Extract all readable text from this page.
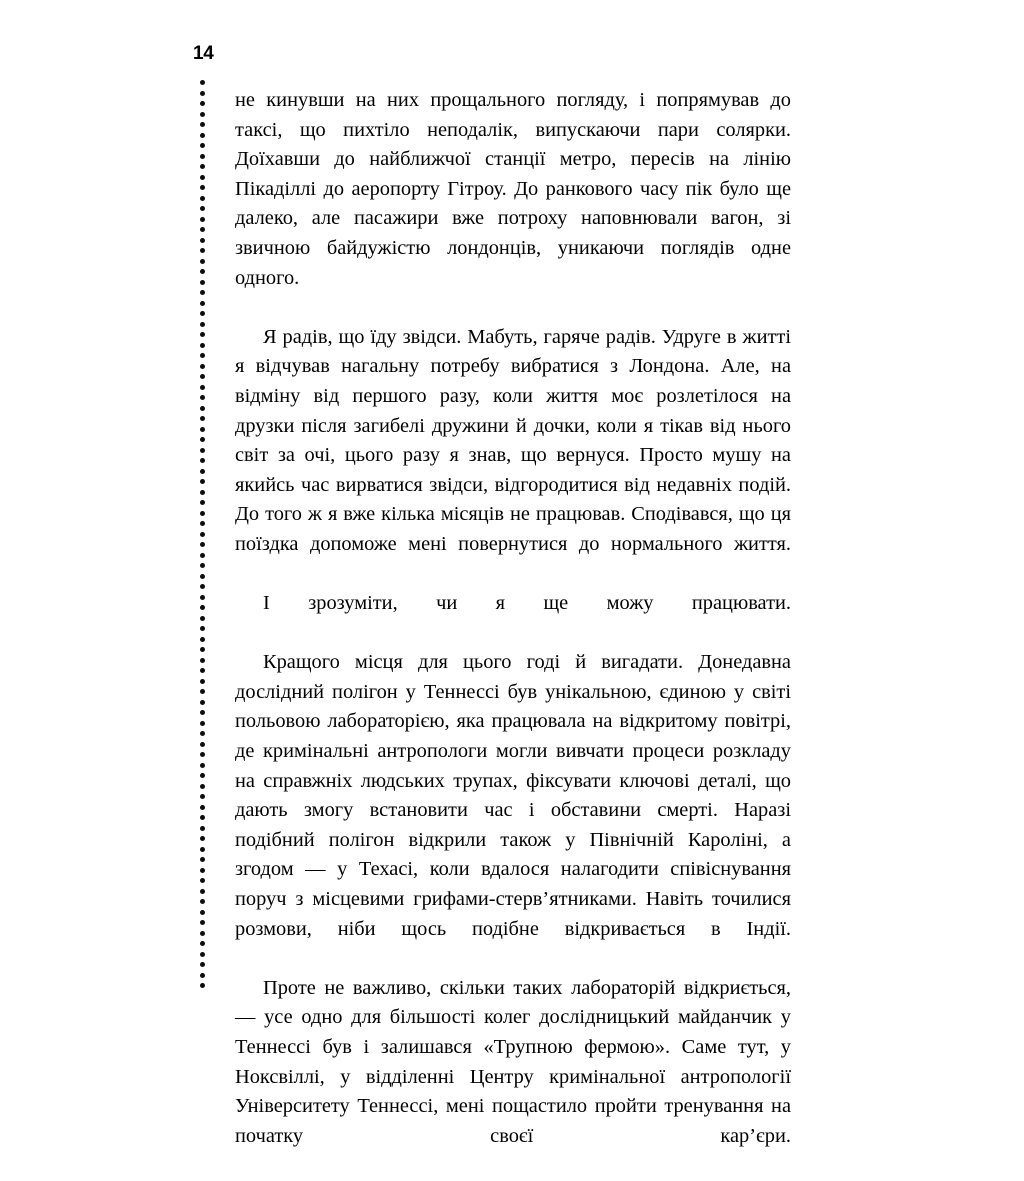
14

не кинувши на них прощального погляду, і попрямував до таксі, що пихтіло неподалік, випускаючи пари солярки. Доїхавши до найближчої станції метро, пересів на лінію Пікаділлі до аеропорту Гітроу. До ранкового часу пік було ще далеко, але пасажири вже потроху наповнювали вагон, зі звичною байдужістю лондонців, уникаючи поглядів одне одного.

Я радів, що їду звідси. Мабуть, гаряче радів. Удруге в житті я відчував нагальну потребу вибратися з Лондона. Але, на відміну від першого разу, коли життя моє розлетілося на друзки після загибелі дружини й дочки, коли я тікав від нього світ за очі, цього разу я знав, що вернуся. Просто мушу на якийсь час вирватися звідси, відгородитися від недавніх подій. До того ж я вже кілька місяців не працював. Сподівався, що ця поїздка допоможе мені повернутися до нормального життя.

І зрозуміти, чи я ще можу працювати.

Кращого місця для цього годі й вигадати. Донедавна дослідний полігон у Теннессі був унікальною, єдиною у світі польовою лабораторією, яка працювала на відкритому повітрі, де кримінальні антропологи могли вивчати процеси розкладу на справжніх людських трупах, фіксувати ключові деталі, що дають змогу встановити час і обставини смерті. Наразі подібний полігон відкрили також у Північній Кароліні, а згодом — у Техасі, коли вдалося налагодити співіснування поруч з місцевими грифами-стерв’ятниками. Навіть точилися розмови, ніби щось подібне відкривається в Індії.

Проте не важливо, скільки таких лабораторій відкриється, — усе одно для більшості колег дослідницький майданчик у Теннессі був і залишався «Трупною фермою». Саме тут, у Ноксвіллі, у відділенні Центру кримінальної антропології Університету Теннессі, мені пощастило пройти тренування на початку своєї кар’єри.
